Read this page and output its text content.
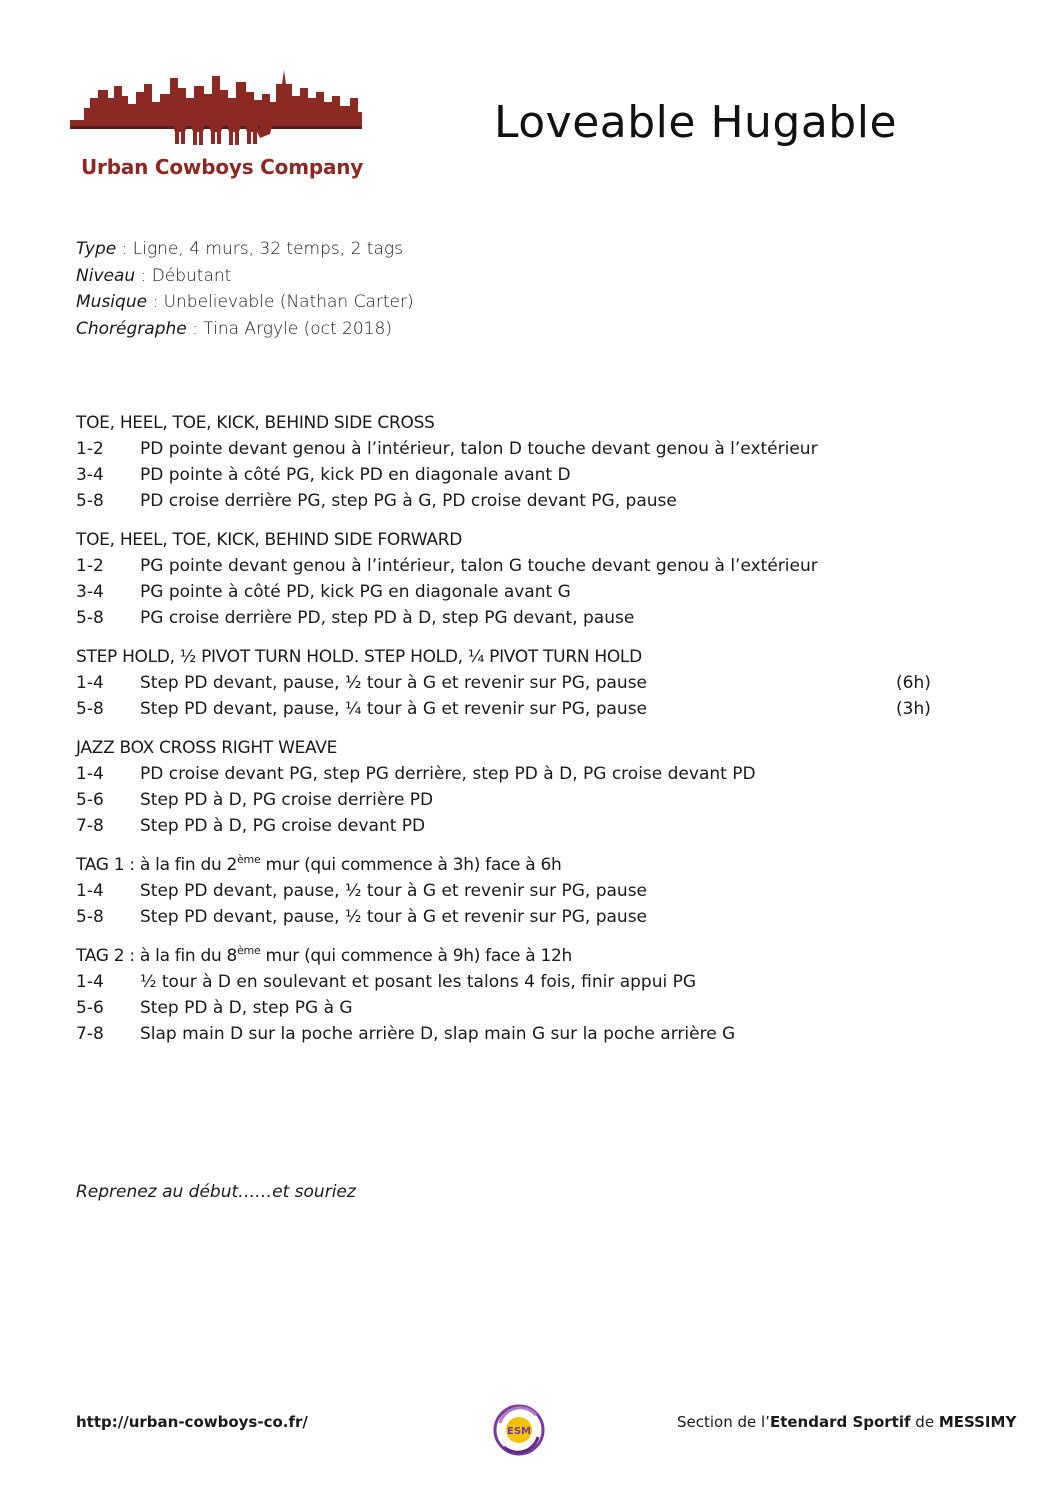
Urban Cowboys Company
Loveable Hugable
Type : Ligne, 4 murs, 32 temps, 2 tags
Niveau : Débutant
Musique : Unbelievable (Nathan Carter)
Chorégraphe : Tina Argyle (oct 2018)
TOE, HEEL, TOE, KICK, BEHIND SIDE CROSS
1-2 PD pointe devant genou à l’intérieur, talon D touche devant genou à l’extérieur
3-4 PD pointe à côté PG, kick PD en diagonale avant D
5-8 PD croise derrière PG, step PG à G, PD croise devant PG, pause
TOE, HEEL, TOE, KICK, BEHIND SIDE FORWARD
1-2 PG pointe devant genou à l’intérieur, talon G touche devant genou à l’extérieur
3-4 PG pointe à côté PD, kick PG en diagonale avant G
5-8 PG croise derrière PD, step PD à D, step PG devant, pause
STEP HOLD, ½ PIVOT TURN HOLD. STEP HOLD, ¼ PIVOT TURN HOLD
1-4 Step PD devant, pause, ½ tour à G et revenir sur PG, pause	(6h)
5-8 Step PD devant, pause, ¼ tour à G et revenir sur PG, pause	(3h)
JAZZ BOX CROSS RIGHT WEAVE
1-4 PD croise devant PG, step PG derrière, step PD à D, PG croise devant PD
5-6 Step PD à D, PG croise derrière PD
7-8 Step PD à D, PG croise devant PD
TAG 1 : à la fin du 2ème mur (qui commence à 3h) face à 6h
1-4 Step PD devant, pause, ½ tour à G et revenir sur PG, pause
5-8 Step PD devant, pause, ½ tour à G et revenir sur PG, pause
TAG 2 : à la fin du 8ème mur (qui commence à 9h) face à 12h
1-4 ½ tour à D en soulevant et posant les talons 4 fois, finir appui PG
5-6 Step PD à D, step PG à G
7-8 Slap main D sur la poche arrière D, slap main G sur la poche arrière G
Reprenez au début……et souriez
http://urban-cowboys-co.fr/
ESM
Section de l’Etendard Sportif de MESSIMY
